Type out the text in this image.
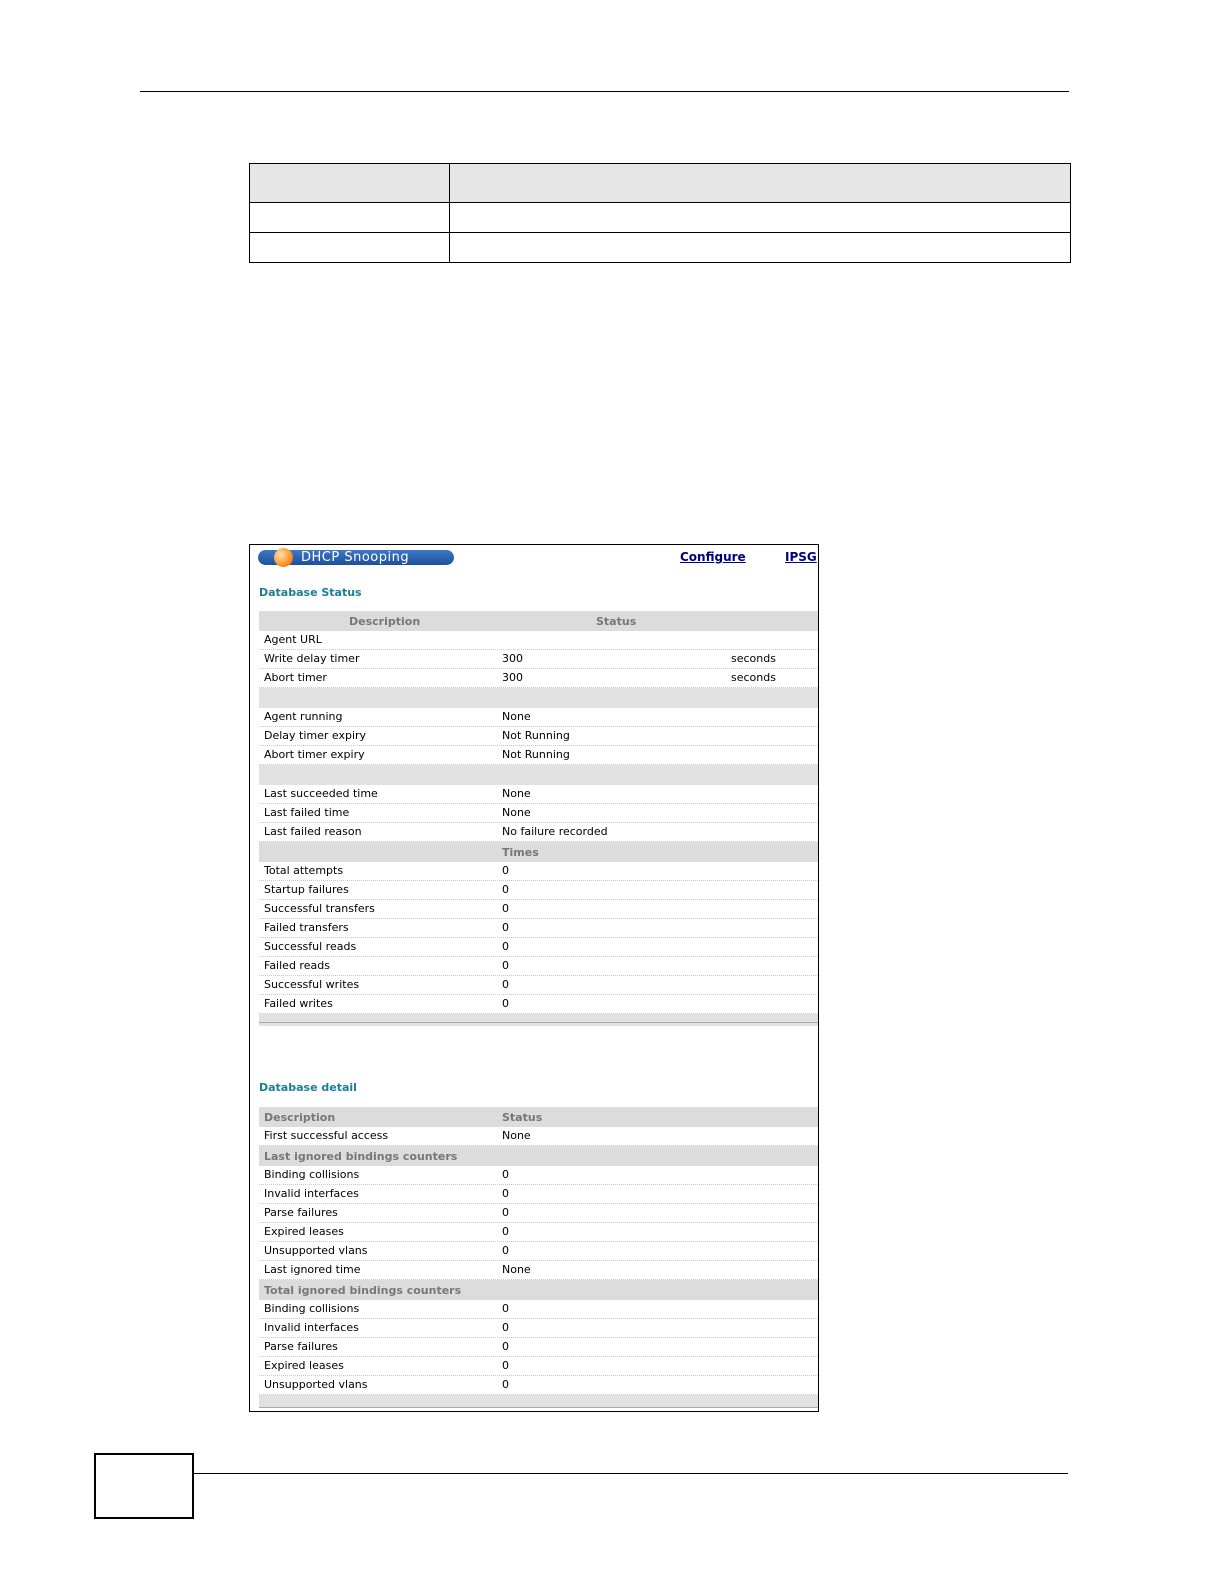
DHCP Snooping	Configure	IPSG
Database Status
Description	Status
Agent URL
Write delay timer	300	seconds
Abort timer	300	seconds
Agent running	None
Delay timer expiry	Not Running
Abort timer expiry	Not Running
Last succeeded time	None
Last failed time	None
Last failed reason	No failure recorded
Times
Total attempts	0
Startup failures	0
Successful transfers	0
Failed transfers	0
Successful reads	0
Failed reads	0
Successful writes	0
Failed writes	0
Database detail
Description	Status
First successful access	None
Last ignored bindings counters
Binding collisions	0
Invalid interfaces	0
Parse failures	0
Expired leases	0
Unsupported vlans	0
Last ignored time	None
Total ignored bindings counters
Binding collisions	0
Invalid interfaces	0
Parse failures	0
Expired leases	0
Unsupported vlans	0
